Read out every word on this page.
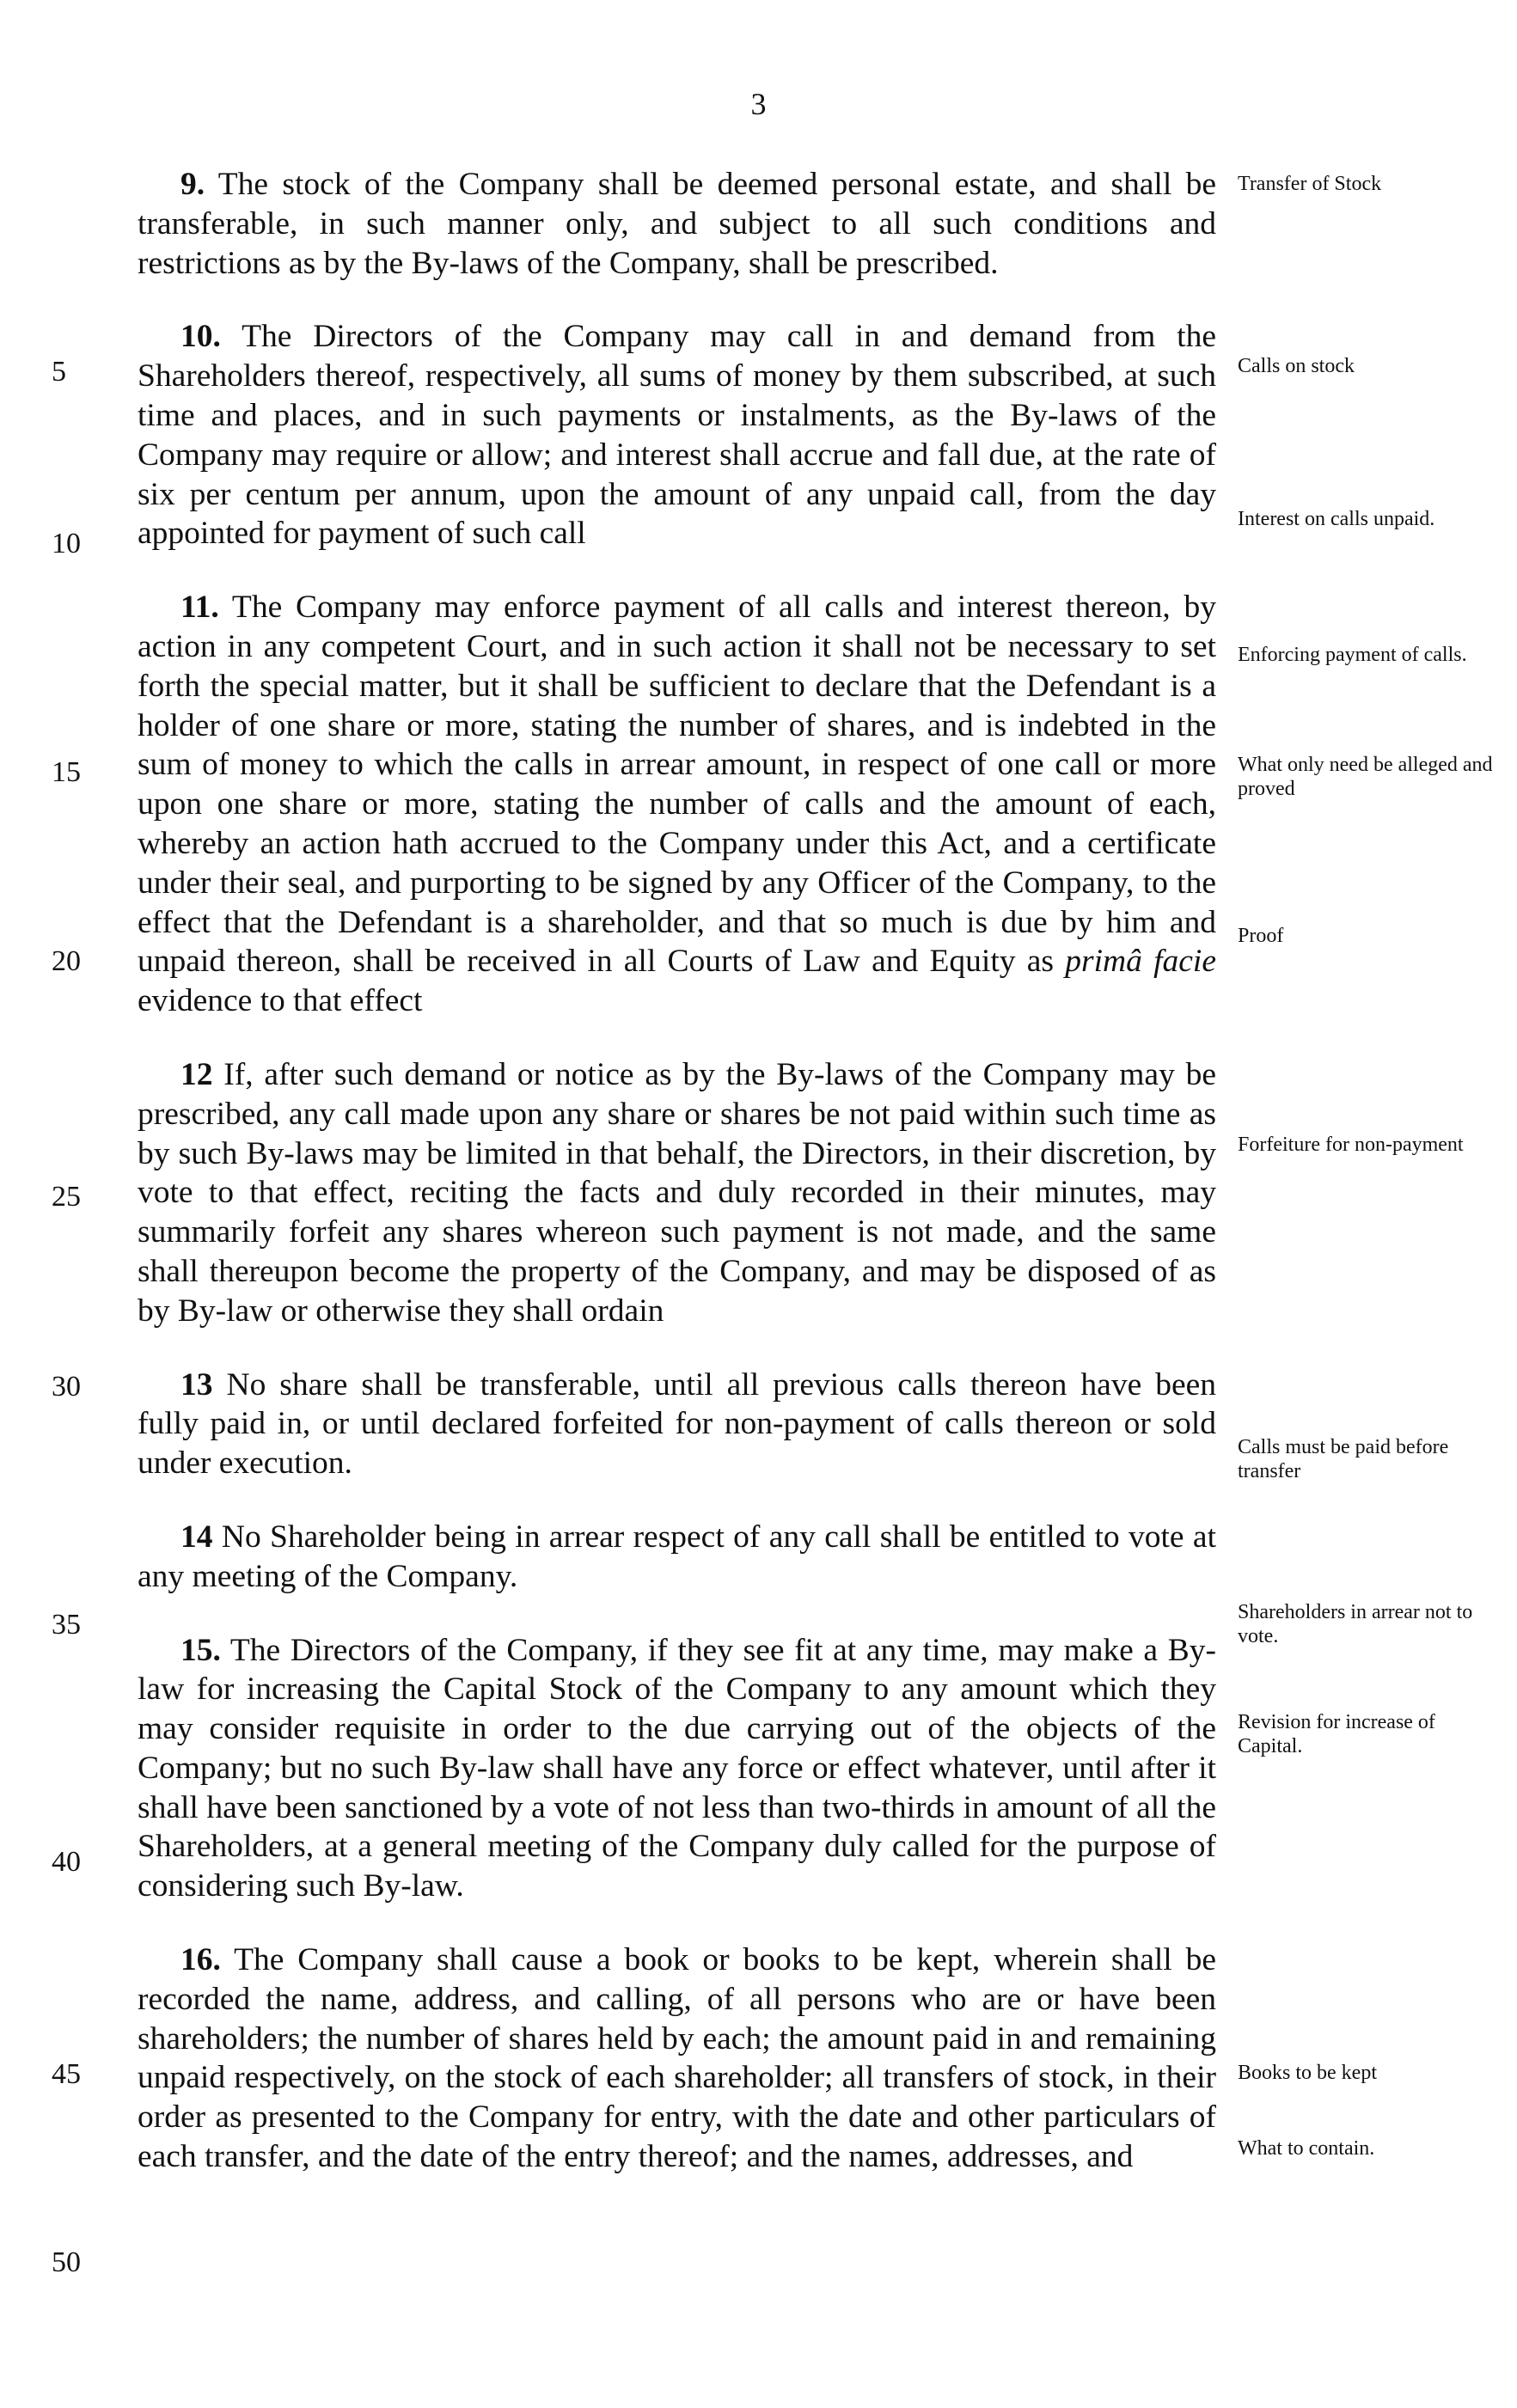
3

9. The stock of the Company shall be deemed personal estate, and shall be transferable, in such manner only, and subject to all such conditions and restrictions as by the By-laws of the Company, shall be prescribed.

10. The Directors of the Company may call in and demand from the Shareholders thereof, respectively, all sums of money by them subscribed, at such time and places, and in such payments or instalments, as the By-laws of the Company may require or allow; and interest shall accrue and fall due, at the rate of six per centum per annum, upon the amount of any unpaid call, from the day appointed for payment of such call

11. The Company may enforce payment of all calls and interest thereon, by action in any competent Court, and in such action it shall not be necessary to set forth the special matter, but it shall be sufficient to declare that the Defendant is a holder of one share or more, stating the number of shares, and is indebted in the sum of money to which the calls in arrear amount, in respect of one call or more upon one share or more, stating the number of calls and the amount of each, whereby an action hath accrued to the Company under this Act, and a certificate under their seal, and purporting to be signed by any Officer of the Company, to the effect that the Defendant is a shareholder, and that so much is due by him and unpaid thereon, shall be received in all Courts of Law and Equity as primâ facie evidence to that effect

12 If, after such demand or notice as by the By-laws of the Company may be prescribed, any call made upon any share or shares be not paid within such time as by such By-laws may be limited in that behalf, the Directors, in their discretion, by vote to that effect, reciting the facts and duly recorded in their minutes, may summarily forfeit any shares whereon such payment is not made, and the same shall thereupon become the property of the Company, and may be disposed of as by By-law or otherwise they shall ordain

13 No share shall be transferable, until all previous calls thereon have been fully paid in, or until declared forfeited for non-payment of calls thereon or sold under execution.

14 No Shareholder being in arrear respect of any call shall be entitled to vote at any meeting of the Company.

15. The Directors of the Company, if they see fit at any time, may make a By-law for increasing the Capital Stock of the Company to any amount which they may consider requisite in order to the due carrying out of the objects of the Company; but no such By-law shall have any force or effect whatever, until after it shall have been sanctioned by a vote of not less than two-thirds in amount of all the Shareholders, at a general meeting of the Company duly called for the purpose of considering such By-law.

16. The Company shall cause a book or books to be kept, wherein shall be recorded the name, address, and calling, of all persons who are or have been shareholders; the number of shares held by each; the amount paid in and remaining unpaid respectively, on the stock of each shareholder; all transfers of stock, in their order as presented to the Company for entry, with the date and other particulars of each transfer, and the date of the entry thereof; and the names, addresses, and

Transfer of Stock
Calls on stock
Interest on calls unpaid.
Enforcing payment of calls.
What only need be alleged and proved
Proof
Forfeiture for non-payment
Calls must be paid before transfer
Shareholders in arrear not to vote.
Revision for increase of Capital.
Books to be kept
What to contain.
5
10
15
20
25
30
35
40
45
50
